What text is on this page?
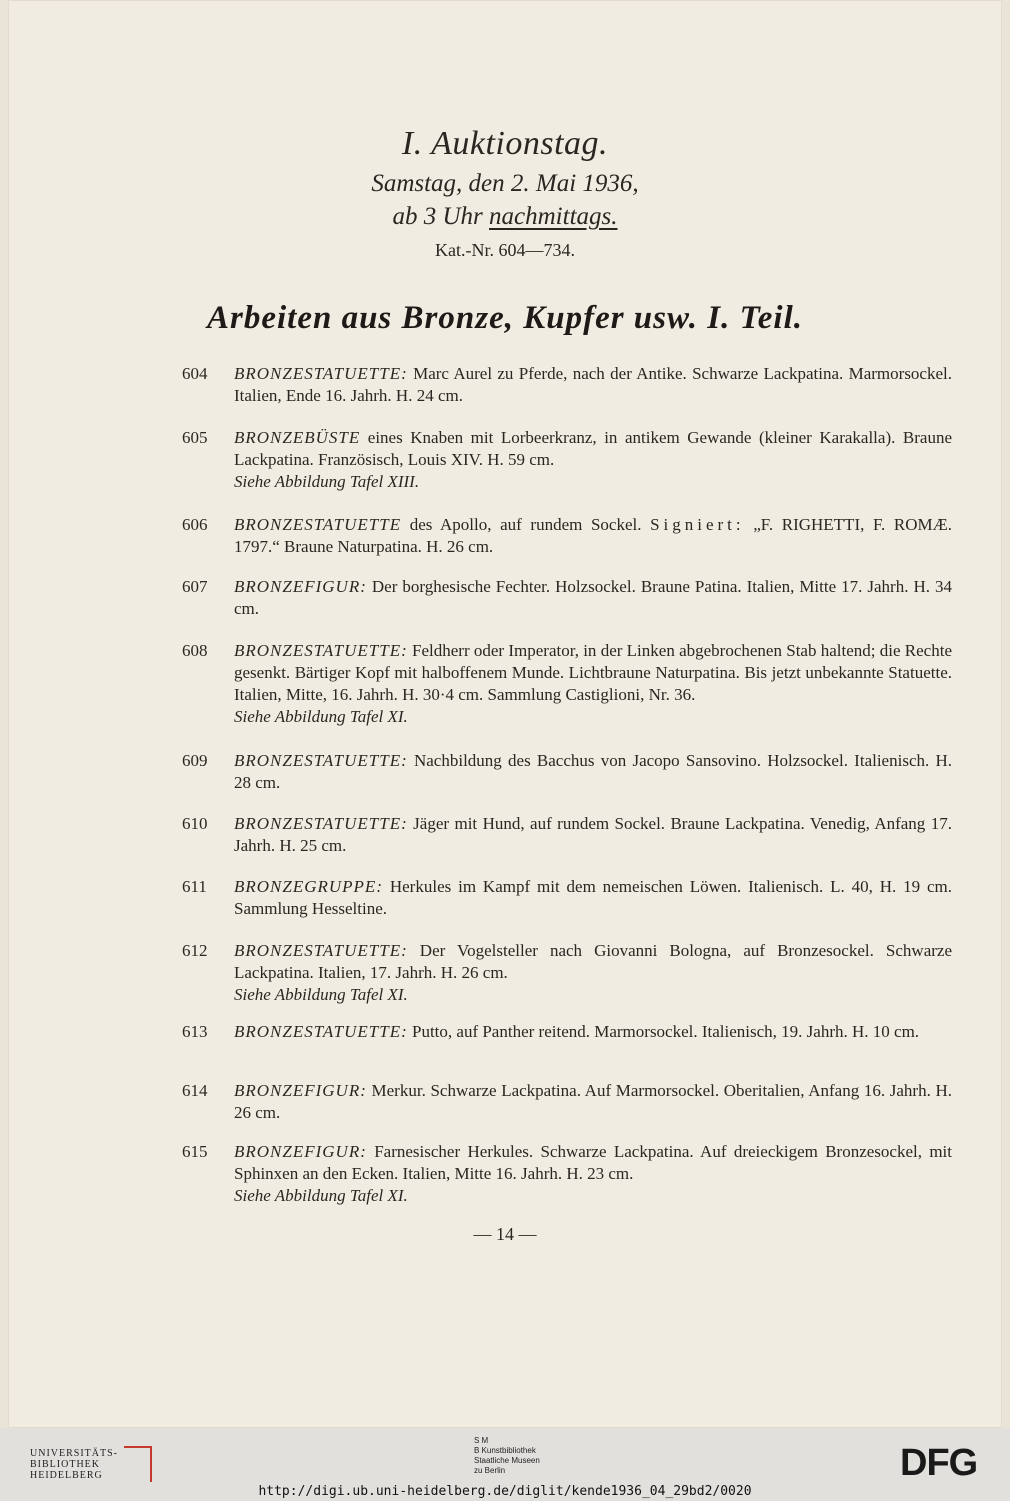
I. Auktionstag.
Samstag, den 2. Mai 1936,
ab 3 Uhr nachmittags.
Kat.-Nr. 604—734.
Arbeiten aus Bronze, Kupfer usw. I. Teil.
604	BRONZESTATUETTE: Marc Aurel zu Pferde, nach der Antike. Schwarze Lackpatina. Marmorsockel. Italien, Ende 16. Jahrh. H. 24 cm.
605	BRONZEBÜSTE eines Knaben mit Lorbeerkranz, in antikem Gewande (kleiner Karakalla). Braune Lackpatina. Französisch, Louis XIV. H. 59 cm.
Siehe Abbildung Tafel XIII.
606	BRONZESTATUETTE des Apollo, auf rundem Sockel. Signiert: „F. RIGHETTI, F. ROMÆ. 1797.“ Braune Naturpatina. H. 26 cm.
607	BRONZEFIGUR: Der borghesische Fechter. Holzsockel. Braune Patina. Italien, Mitte 17. Jahrh. H. 34 cm.
608	BRONZESTATUETTE: Feldherr oder Imperator, in der Linken abgebrochenen Stab haltend; die Rechte gesenkt. Bärtiger Kopf mit halboffenem Munde. Lichtbraune Naturpatina. Bis jetzt unbekannte Statuette. Italien, Mitte, 16. Jahrh. H. 30·4 cm. Sammlung Castiglioni, Nr. 36.
Siehe Abbildung Tafel XI.
609	BRONZESTATUETTE: Nachbildung des Bacchus von Jacopo Sansovino. Holzsockel. Italienisch. H. 28 cm.
610	BRONZESTATUETTE: Jäger mit Hund, auf rundem Sockel. Braune Lackpatina. Venedig, Anfang 17. Jahrh. H. 25 cm.
611	BRONZEGRUPPE: Herkules im Kampf mit dem nemeischen Löwen. Italienisch. L. 40, H. 19 cm. Sammlung Hesseltine.
612	BRONZESTATUETTE: Der Vogelsteller nach Giovanni Bologna, auf Bronzesockel. Schwarze Lackpatina. Italien, 17. Jahrh. H. 26 cm.
Siehe Abbildung Tafel XI.
613	BRONZESTATUETTE: Putto, auf Panther reitend. Marmorsockel. Italienisch, 19. Jahrh. H. 10 cm.
614	BRONZEFIGUR: Merkur. Schwarze Lackpatina. Auf Marmorsockel. Oberitalien, Anfang 16. Jahrh. H. 26 cm.
615	BRONZEFIGUR: Farnesischer Herkules. Schwarze Lackpatina. Auf dreieckigem Bronzesockel, mit Sphinxen an den Ecken. Italien, Mitte 16. Jahrh. H. 23 cm.
Siehe Abbildung Tafel XI.
— 14 —
UNIVERSITÄTS-
BIBLIOTHEK
HEIDELBERG
S M
B Kunstbibliothek
Staatliche Museen
zu Berlin	DFG
http://digi.ub.uni-heidelberg.de/diglit/kende1936_04_29bd2/0020
